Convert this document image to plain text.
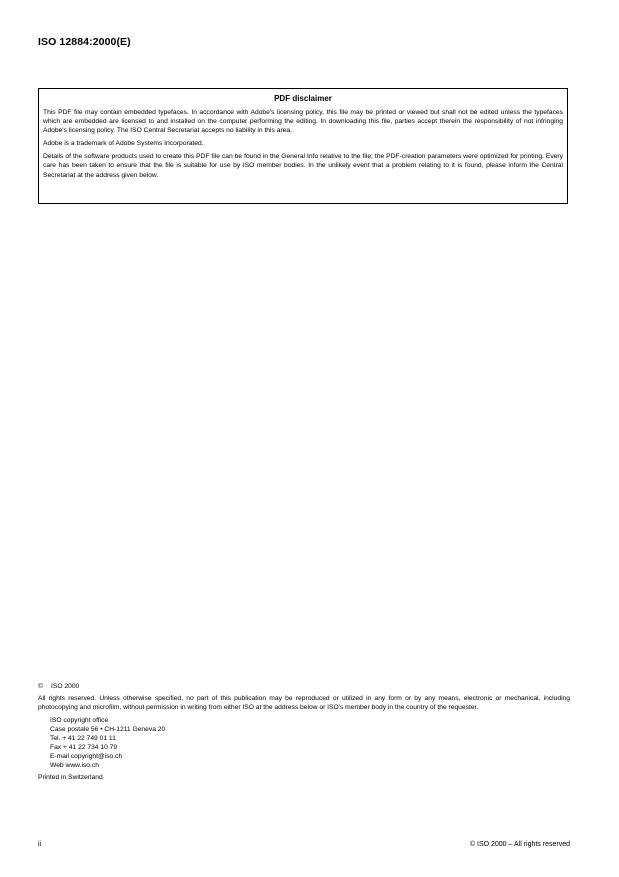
ISO 12884:2000(E)
PDF disclaimer

This PDF file may contain embedded typefaces. In accordance with Adobe's licensing policy, this file may be printed or viewed but shall not be edited unless the typefaces which are embedded are licensed to and installed on the computer performing the editing. In downloading this file, parties accept therein the responsibility of not infringing Adobe's licensing policy. The ISO Central Secretariat accepts no liability in this area.

Adobe is a trademark of Adobe Systems Incorporated.

Details of the software products used to create this PDF file can be found in the General Info relative to the file; the PDF-creation parameters were optimized for printing. Every care has been taken to ensure that the file is suitable for use by ISO member bodies. In the unlikely event that a problem relating to it is found, please inform the Central Secretariat at the address given below.

© ISO 2000

All rights reserved. Unless otherwise specified, no part of this publication may be reproduced or utilized in any form or by any means, electronic or mechanical, including photocopying and microfilm, without permission in writing from either ISO at the address below or ISO's member body in the country of the requester.

ISO copyright office
Case postale 56 • CH-1211 Geneva 20
Tel. + 41 22 749 01 11
Fax + 41 22 734 10 79
E-mail copyright@iso.ch
Web www.iso.ch

Printed in Switzerland

ii	© ISO 2000 – All rights reserved
